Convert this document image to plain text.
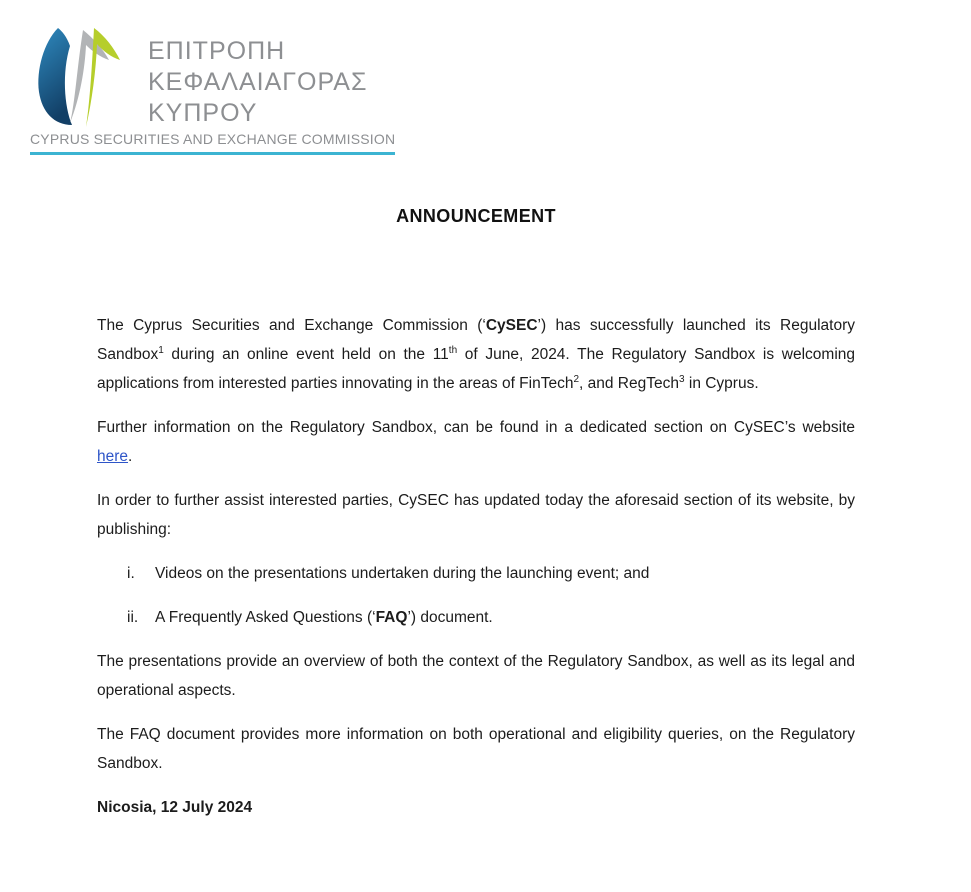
ΕΠΙΤΡΟΠΗ
ΚΕΦΑΛΑΙΑΓΟΡΑΣ
ΚΥΠΡΟΥ
CYPRUS SECURITIES AND EXCHANGE COMMISSION
ANNOUNCEMENT

The Cyprus Securities and Exchange Commission (‘CySEC’) has successfully launched its Regulatory Sandbox$^1$ during an online event held on the 11th of June, 2024. The Regulatory Sandbox is welcoming applications from interested parties innovating in the areas of FinTech$^2$, and RegTech$^3$ in Cyprus.

Further information on the Regulatory Sandbox, can be found in a dedicated section on CySEC’s website here.

In order to further assist interested parties, CySEC has updated today the aforesaid section of its website, by publishing:

i. Videos on the presentations undertaken during the launching event; and
ii. A Frequently Asked Questions (‘FAQ’) document.

The presentations provide an overview of both the context of the Regulatory Sandbox, as well as its legal and operational aspects.

The FAQ document provides more information on both operational and eligibility queries, on the Regulatory Sandbox.

Nicosia, 12 July 2024
